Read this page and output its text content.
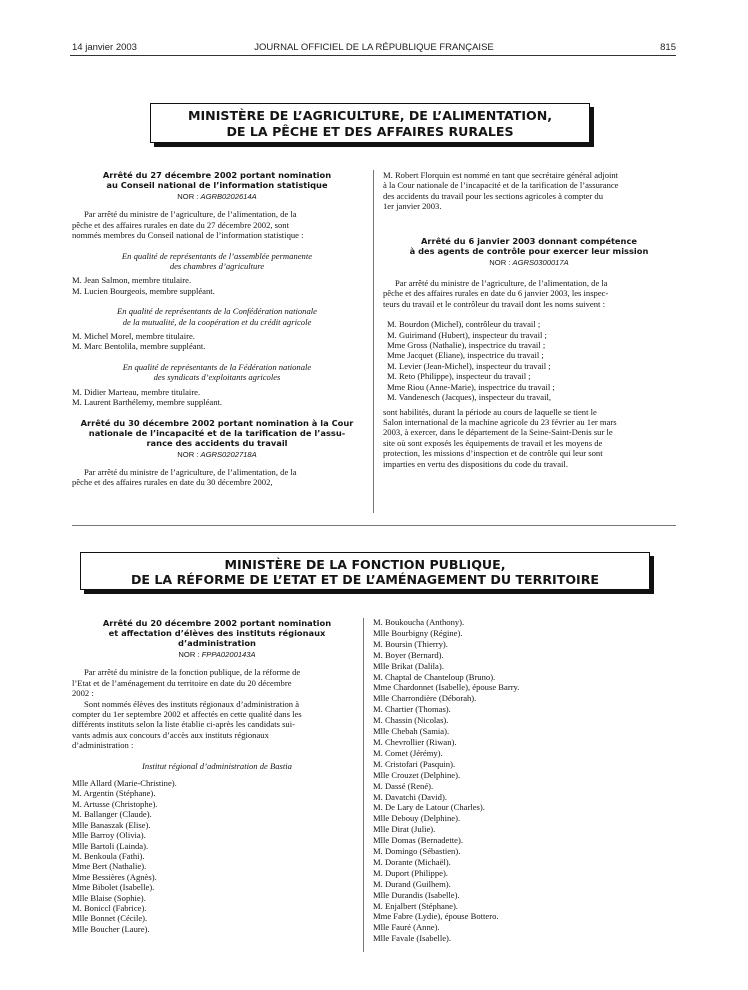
14 janvier 2003	JOURNAL OFFICIEL DE LA RÉPUBLIQUE FRANÇAISE	815
MINISTÈRE DE L’AGRICULTURE, DE L’ALIMENTATION,
DE LA PÊCHE ET DES AFFAIRES RURALES
Arrêté du 27 décembre 2002 portant nomination
au Conseil national de l’information statistique
NOR : AGRB0202614A
Par arrêté du ministre de l’agriculture, de l’alimentation, de la
pêche et des affaires rurales en date du 27 décembre 2002, sont
nommés membres du Conseil national de l’information statistique :
En qualité de représentants de l’assemblée permanente
des chambres d’agriculture
M. Jean Salmon, membre titulaire.
M. Lucien Bourgeois, membre suppléant.
En qualité de représentants de la Confédération nationale
de la mutualité, de la coopération et du crédit agricole
M. Michel Morel, membre titulaire.
M. Marc Bentolila, membre suppléant.
En qualité de représentants de la Fédération nationale
des syndicats d’exploitants agricoles
M. Didier Marteau, membre titulaire.
M. Laurent Barthélemy, membre suppléant.
Arrêté du 30 décembre 2002 portant nomination à la Cour
nationale de l’incapacité et de la tarification de l’assu-
rance des accidents du travail
NOR : AGRS0202718A
Par arrêté du ministre de l’agriculture, de l’alimentation, de la
pêche et des affaires rurales en date du 30 décembre 2002,
M. Robert Florquin est nommé en tant que secrétaire général adjoint
à la Cour nationale de l’incapacité et de la tarification de l’assurance
des accidents du travail pour les sections agricoles à compter du
1er janvier 2003.
Arrêté du 6 janvier 2003 donnant compétence
à des agents de contrôle pour exercer leur mission
NOR : AGRS0300017A
Par arrêté du ministre de l’agriculture, de l’alimentation, de la
pêche et des affaires rurales en date du 6 janvier 2003, les inspec-
teurs du travail et le contrôleur du travail dont les noms suivent :
M. Bourdon (Michel), contrôleur du travail ;
M. Guirimand (Hubert), inspecteur du travail ;
Mme Gross (Nathalie), inspectrice du travail ;
Mme Jacquet (Eliane), inspectrice du travail ;
M. Levier (Jean-Michel), inspecteur du travail ;
M. Reto (Philippe), inspecteur du travail ;
Mme Riou (Anne-Marie), inspectrice du travail ;
M. Vandenesch (Jacques), inspecteur du travail,
sont habilités, durant la période au cours de laquelle se tient le
Salon international de la machine agricole du 23 février au 1er mars
2003, à exercer, dans le département de la Seine-Saint-Denis sur le
site où sont exposés les équipements de travail et les moyens de
protection, les missions d’inspection et de contrôle qui leur sont
imparties en vertu des dispositions du code du travail.
MINISTÈRE DE LA FONCTION PUBLIQUE,
DE LA RÉFORME DE L’ETAT ET DE L’AMÉNAGEMENT DU TERRITOIRE
Arrêté du 20 décembre 2002 portant nomination
et affectation d’élèves des instituts régionaux
d’administration
NOR : FPPA0200143A
Par arrêté du ministre de la fonction publique, de la réforme de
l’Etat et de l’aménagement du territoire en date du 20 décembre
2002 :
Sont nommés élèves des instituts régionaux d’administration à
compter du 1er septembre 2002 et affectés en cette qualité dans les
différents instituts selon la liste établie ci-après les candidats sui-
vants admis aux concours d’accès aux instituts régionaux
d’administration :
Institut régional d’administration de Bastia
Mlle Allard (Marie-Christine).
M. Argentin (Stéphane).
M. Artusse (Christophe).
M. Ballanger (Claude).
Mlle Banaszak (Elise).
Mlle Barroy (Olivia).
Mlle Bartoli (Lainda).
M. Benkoula (Fathi).
Mme Bert (Nathalie).
Mme Bessières (Agnès).
Mme Bibolet (Isabelle).
Mlle Blaise (Sophie).
M. Boniccl (Fabrice).
Mlle Bonnet (Cécile).
Mlle Boucher (Laure).
M. Boukoucha (Anthony).
Mlle Bourbigny (Régine).
M. Boursin (Thierry).
M. Boyer (Bernard).
Mlle Brikat (Dalila).
M. Chaptal de Chanteloup (Bruno).
Mme Chardonnet (Isabelle), épouse Barry.
Mlle Charrondière (Déborah).
M. Chartier (Thomas).
M. Chassin (Nicolas).
Mlle Chebah (Samia).
M. Chevrollier (Riwan).
M. Comet (Jérémy).
M. Cristofari (Pasquin).
Mlle Crouzet (Delphine).
M. Dassé (René).
M. Davatchi (David).
M. De Lary de Latour (Charles).
Mlle Debouy (Delphine).
Mlle Dirat (Julie).
Mlle Domas (Bernadette).
M. Domingo (Sébastien).
M. Dorante (Michaël).
M. Duport (Philippe).
M. Durand (Guilhem).
Mlle Durandis (Isabelle).
M. Enjalbert (Stéphane).
Mme Fabre (Lydie), épouse Bottero.
Mlle Fauré (Anne).
Mlle Favale (Isabelle).
